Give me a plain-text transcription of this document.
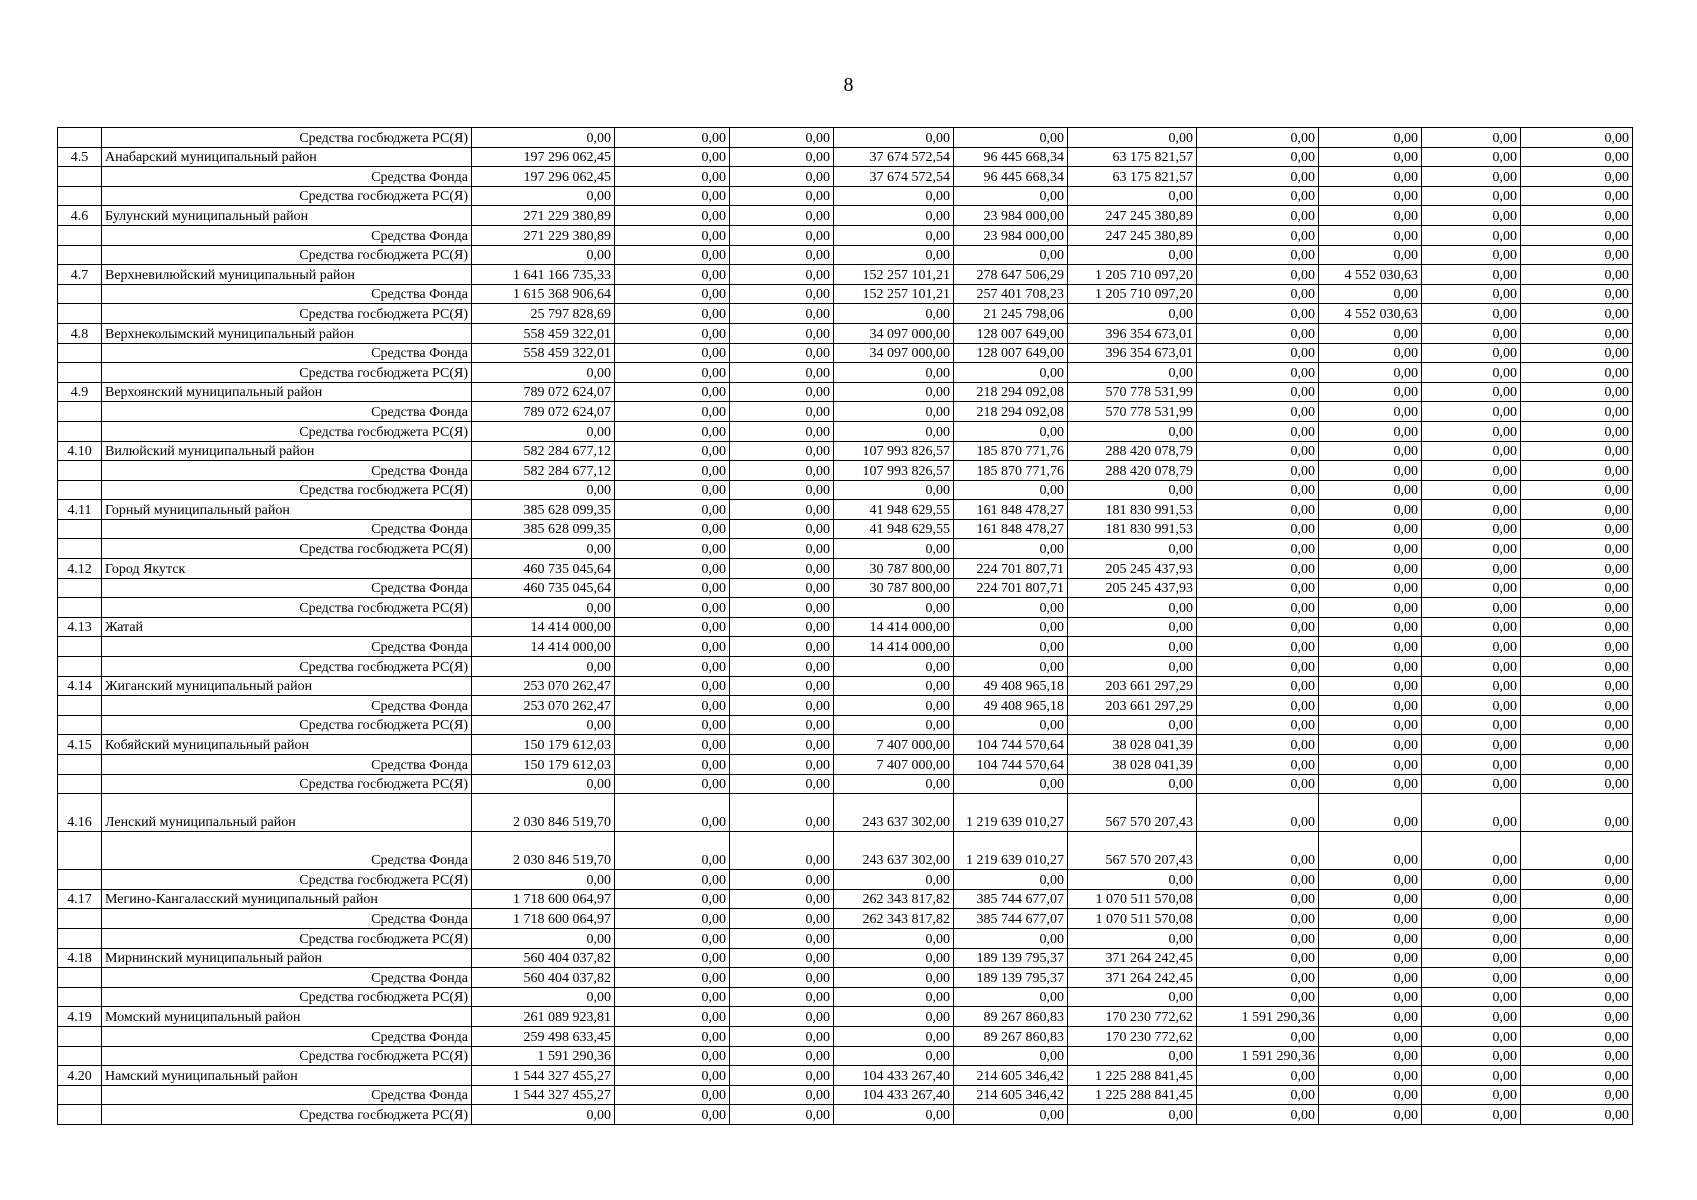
8
	Средства госбюджета РС(Я)	0,00	0,00	0,00	0,00	0,00	0,00	0,00	0,00	0,00	0,00
4.5	Анабарский муниципальный район	197 296 062,45	0,00	0,00	37 674 572,54	96 445 668,34	63 175 821,57	0,00	0,00	0,00	0,00
	Средства Фонда	197 296 062,45	0,00	0,00	37 674 572,54	96 445 668,34	63 175 821,57	0,00	0,00	0,00	0,00
	Средства госбюджета РС(Я)	0,00	0,00	0,00	0,00	0,00	0,00	0,00	0,00	0,00	0,00
4.6	Булунский муниципальный район	271 229 380,89	0,00	0,00	0,00	23 984 000,00	247 245 380,89	0,00	0,00	0,00	0,00
	Средства Фонда	271 229 380,89	0,00	0,00	0,00	23 984 000,00	247 245 380,89	0,00	0,00	0,00	0,00
	Средства госбюджета РС(Я)	0,00	0,00	0,00	0,00	0,00	0,00	0,00	0,00	0,00	0,00
4.7	Верхневилюйский муниципальный район	1 641 166 735,33	0,00	0,00	152 257 101,21	278 647 506,29	1 205 710 097,20	0,00	4 552 030,63	0,00	0,00
	Средства Фонда	1 615 368 906,64	0,00	0,00	152 257 101,21	257 401 708,23	1 205 710 097,20	0,00	0,00	0,00	0,00
	Средства госбюджета РС(Я)	25 797 828,69	0,00	0,00	0,00	21 245 798,06	0,00	0,00	4 552 030,63	0,00	0,00
4.8	Верхнеколымский муниципальный район	558 459 322,01	0,00	0,00	34 097 000,00	128 007 649,00	396 354 673,01	0,00	0,00	0,00	0,00
	Средства Фонда	558 459 322,01	0,00	0,00	34 097 000,00	128 007 649,00	396 354 673,01	0,00	0,00	0,00	0,00
	Средства госбюджета РС(Я)	0,00	0,00	0,00	0,00	0,00	0,00	0,00	0,00	0,00	0,00
4.9	Верхоянский муниципальный район	789 072 624,07	0,00	0,00	0,00	218 294 092,08	570 778 531,99	0,00	0,00	0,00	0,00
	Средства Фонда	789 072 624,07	0,00	0,00	0,00	218 294 092,08	570 778 531,99	0,00	0,00	0,00	0,00
	Средства госбюджета РС(Я)	0,00	0,00	0,00	0,00	0,00	0,00	0,00	0,00	0,00	0,00
4.10	Вилюйский муниципальный район	582 284 677,12	0,00	0,00	107 993 826,57	185 870 771,76	288 420 078,79	0,00	0,00	0,00	0,00
	Средства Фонда	582 284 677,12	0,00	0,00	107 993 826,57	185 870 771,76	288 420 078,79	0,00	0,00	0,00	0,00
	Средства госбюджета РС(Я)	0,00	0,00	0,00	0,00	0,00	0,00	0,00	0,00	0,00	0,00
4.11	Горный муниципальный район	385 628 099,35	0,00	0,00	41 948 629,55	161 848 478,27	181 830 991,53	0,00	0,00	0,00	0,00
	Средства Фонда	385 628 099,35	0,00	0,00	41 948 629,55	161 848 478,27	181 830 991,53	0,00	0,00	0,00	0,00
	Средства госбюджета РС(Я)	0,00	0,00	0,00	0,00	0,00	0,00	0,00	0,00	0,00	0,00
4.12	Город Якутск	460 735 045,64	0,00	0,00	30 787 800,00	224 701 807,71	205 245 437,93	0,00	0,00	0,00	0,00
	Средства Фонда	460 735 045,64	0,00	0,00	30 787 800,00	224 701 807,71	205 245 437,93	0,00	0,00	0,00	0,00
	Средства госбюджета РС(Я)	0,00	0,00	0,00	0,00	0,00	0,00	0,00	0,00	0,00	0,00
4.13	Жатай	14 414 000,00	0,00	0,00	14 414 000,00	0,00	0,00	0,00	0,00	0,00	0,00
	Средства Фонда	14 414 000,00	0,00	0,00	14 414 000,00	0,00	0,00	0,00	0,00	0,00	0,00
	Средства госбюджета РС(Я)	0,00	0,00	0,00	0,00	0,00	0,00	0,00	0,00	0,00	0,00
4.14	Жиганский муниципальный район	253 070 262,47	0,00	0,00	0,00	49 408 965,18	203 661 297,29	0,00	0,00	0,00	0,00
	Средства Фонда	253 070 262,47	0,00	0,00	0,00	49 408 965,18	203 661 297,29	0,00	0,00	0,00	0,00
	Средства госбюджета РС(Я)	0,00	0,00	0,00	0,00	0,00	0,00	0,00	0,00	0,00	0,00
4.15	Кобяйский муниципальный район	150 179 612,03	0,00	0,00	7 407 000,00	104 744 570,64	38 028 041,39	0,00	0,00	0,00	0,00
	Средства Фонда	150 179 612,03	0,00	0,00	7 407 000,00	104 744 570,64	38 028 041,39	0,00	0,00	0,00	0,00
	Средства госбюджета РС(Я)	0,00	0,00	0,00	0,00	0,00	0,00	0,00	0,00	0,00	0,00
4.16	Ленский муниципальный район	2 030 846 519,70	0,00	0,00	243 637 302,00	1 219 639 010,27	567 570 207,43	0,00	0,00	0,00	0,00
	Средства Фонда	2 030 846 519,70	0,00	0,00	243 637 302,00	1 219 639 010,27	567 570 207,43	0,00	0,00	0,00	0,00
	Средства госбюджета РС(Я)	0,00	0,00	0,00	0,00	0,00	0,00	0,00	0,00	0,00	0,00
4.17	Мегино-Кангаласский муниципальный район	1 718 600 064,97	0,00	0,00	262 343 817,82	385 744 677,07	1 070 511 570,08	0,00	0,00	0,00	0,00
	Средства Фонда	1 718 600 064,97	0,00	0,00	262 343 817,82	385 744 677,07	1 070 511 570,08	0,00	0,00	0,00	0,00
	Средства госбюджета РС(Я)	0,00	0,00	0,00	0,00	0,00	0,00	0,00	0,00	0,00	0,00
4.18	Мирнинский муниципальный район	560 404 037,82	0,00	0,00	0,00	189 139 795,37	371 264 242,45	0,00	0,00	0,00	0,00
	Средства Фонда	560 404 037,82	0,00	0,00	0,00	189 139 795,37	371 264 242,45	0,00	0,00	0,00	0,00
	Средства госбюджета РС(Я)	0,00	0,00	0,00	0,00	0,00	0,00	0,00	0,00	0,00	0,00
4.19	Момский муниципальный район	261 089 923,81	0,00	0,00	0,00	89 267 860,83	170 230 772,62	1 591 290,36	0,00	0,00	0,00
	Средства Фонда	259 498 633,45	0,00	0,00	0,00	89 267 860,83	170 230 772,62	0,00	0,00	0,00	0,00
	Средства госбюджета РС(Я)	1 591 290,36	0,00	0,00	0,00	0,00	0,00	1 591 290,36	0,00	0,00	0,00
4.20	Намский муниципальный район	1 544 327 455,27	0,00	0,00	104 433 267,40	214 605 346,42	1 225 288 841,45	0,00	0,00	0,00	0,00
	Средства Фонда	1 544 327 455,27	0,00	0,00	104 433 267,40	214 605 346,42	1 225 288 841,45	0,00	0,00	0,00	0,00
	Средства госбюджета РС(Я)	0,00	0,00	0,00	0,00	0,00	0,00	0,00	0,00	0,00	0,00
